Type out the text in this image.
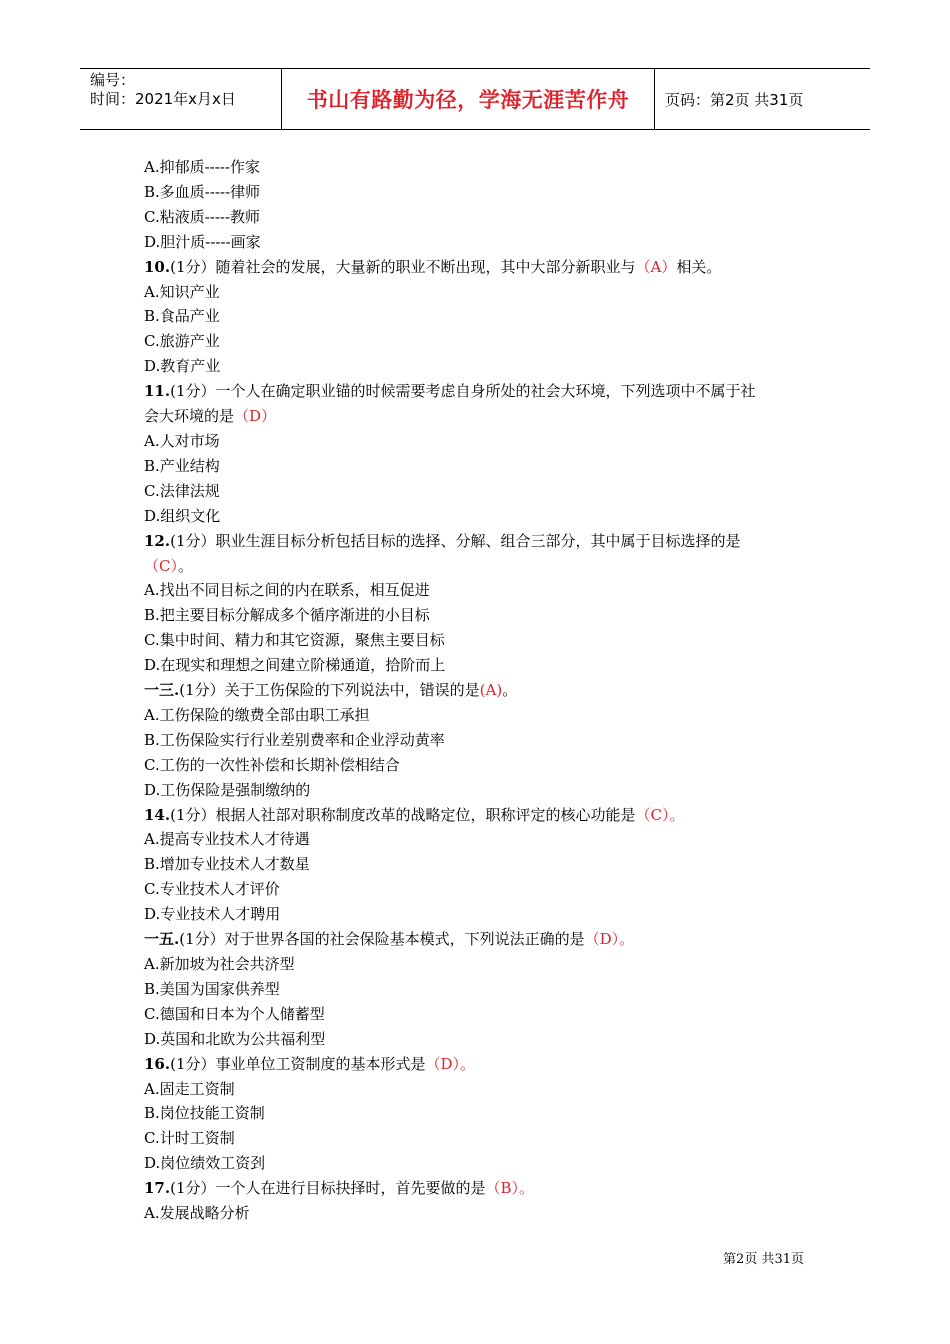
编号：
时间：2021年x月x日	书山有路勤为径，学海无涯苦作舟 页码：第2页 共31页
A.抑郁质-----作家
B.多血质-----律师
C.粘液质-----教师
D.胆汁质-----画家
10.(1分）随着社会的发展，大量新的职业不断出现，其中大部分新职业与（A）相关。
A.知识产业
B.食品产业
C.旅游产业
D.教育产业
11.(1分）一个人在确定职业锚的时候需要考虑自身所处的社会大环境，下列选项中不属于社
会大环境的是（D）
A.人对市场
B.产业结构
C.法律法规
D.组织文化
12.(1分）职业生涯目标分析包括目标的选择、分解、组合三部分，其中属于目标选择的是
（C）。
A.找出不同目标之间的内在联系，相互促进
B.把主要目标分解成多个循序渐进的小目标
C.集中时间、精力和其它资源，聚焦主要目标
D.在现实和理想之间建立阶梯通道，拾阶而上
一三.(1分）关于工伤保险的下列说法中，错误的是(A)。
A.工伤保险的缴费全部由职工承担
B.工伤保险实行行业差别费率和企业浮动黄率
C.工伤的一次性补偿和长期补偿相结合
D.工伤保险是强制缴纳的
14.(1分）根据人社部对职称制度改革的战略定位，职称评定的核心功能是（C）。
A.提高专业技术人才待遇
B.增加专业技术人才数星
C.专业技术人才评价
D.专业技术人才聘用
一五.(1分）对于世界各国的社会保险基本模式，下列说法正确的是（D）。
A.新加坡为社会共济型
B.美国为国家供养型
C.德国和日本为个人储蓄型
D.英国和北欧为公共福利型
16.(1分）事业单位工资制度的基本形式是（D）。
A.固走工资制
B.岗位技能工资制
C.计时工资制
D.岗位绩效工资刭
17.(1分）一个人在进行目标抉择时，首先要做的是（B）。
A.发展战略分析
第2页 共31页
